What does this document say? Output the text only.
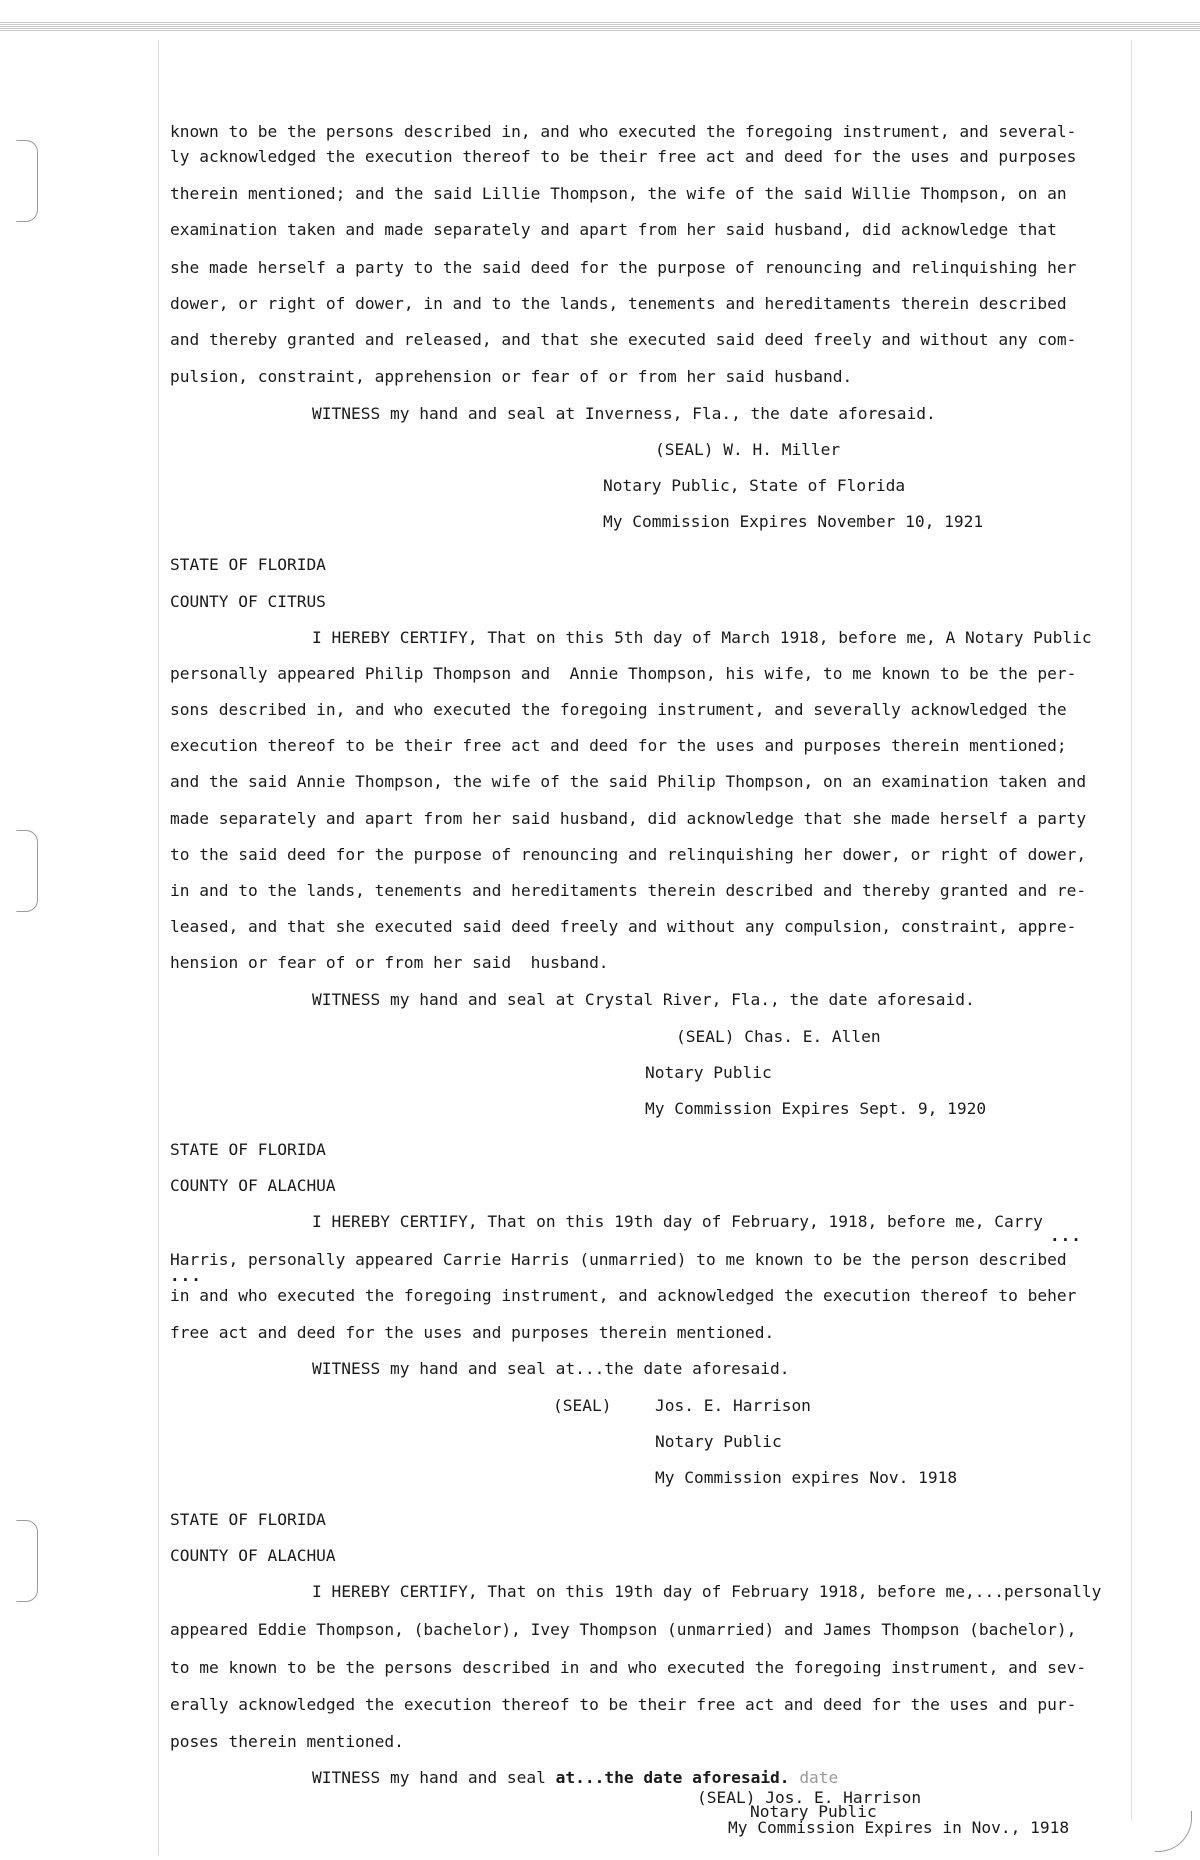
known to be the persons described in, and who executed the foregoing instrument, and several-
ly acknowledged the execution thereof to be their free act and deed for the uses and purposes
therein mentioned; and the said Lillie Thompson, the wife of the said Willie Thompson, on an
examination taken and made separately and apart from her said husband, did acknowledge that
she made herself a party to the said deed for the purpose of renouncing and relinquishing her
dower, or right of dower, in and to the lands, tenements and hereditaments therein described
and thereby granted and released, and that she executed said deed freely and without any com-
pulsion, constraint, apprehension or fear of or from her said husband.
WITNESS my hand and seal at Inverness, Fla., the date aforesaid.
(SEAL) W. H. Miller
Notary Public, State of Florida
My Commission Expires November 10, 1921
STATE OF FLORIDA
COUNTY OF CITRUS
I HEREBY CERTIFY, That on this 5th day of March 1918, before me, A Notary Public
personally appeared Philip Thompson and  Annie Thompson, his wife, to me known to be the per-
sons described in, and who executed the foregoing instrument, and severally acknowledged the
execution thereof to be their free act and deed for the uses and purposes therein mentioned;
and the said Annie Thompson, the wife of the said Philip Thompson, on an examination taken and
made separately and apart from her said husband, did acknowledge that she made herself a party
to the said deed for the purpose of renouncing and relinquishing her dower, or right of dower,
in and to the lands, tenements and hereditaments therein described and thereby granted and re-
leased, and that she executed said deed freely and without any compulsion, constraint, appre-
hension or fear of or from her said  husband.
WITNESS my hand and seal at Crystal River, Fla., the date aforesaid.
(SEAL) Chas. E. Allen
Notary Public
My Commission Expires Sept. 9, 1920
STATE OF FLORIDA
COUNTY OF ALACHUA
I HEREBY CERTIFY, That on this 19th day of February, 1918, before me, Carry
...
Harris, personally appeared Carrie Harris (unmarried) to me known to be the person described
...
in and who executed the foregoing instrument, and acknowledged the execution thereof to beher
free act and deed for the uses and purposes therein mentioned.
WITNESS my hand and seal at...the date aforesaid.
(SEAL)	Jos. E. Harrison
Notary Public
My Commission expires Nov. 1918
STATE OF FLORIDA
COUNTY OF ALACHUA
I HEREBY CERTIFY, That on this 19th day of February 1918, before me,...personally
appeared Eddie Thompson, (bachelor), Ivey Thompson (unmarried) and James Thompson (bachelor),
to me known to be the persons described in and who executed the foregoing instrument, and sev-
erally acknowledged the execution thereof to be their free act and deed for the uses and pur-
poses therein mentioned.
WITNESS my hand and seal at...the date aforesaid. date
(SEAL) Jos. E. Harrison
Notary Public
My Commission Expires in Nov., 1918
